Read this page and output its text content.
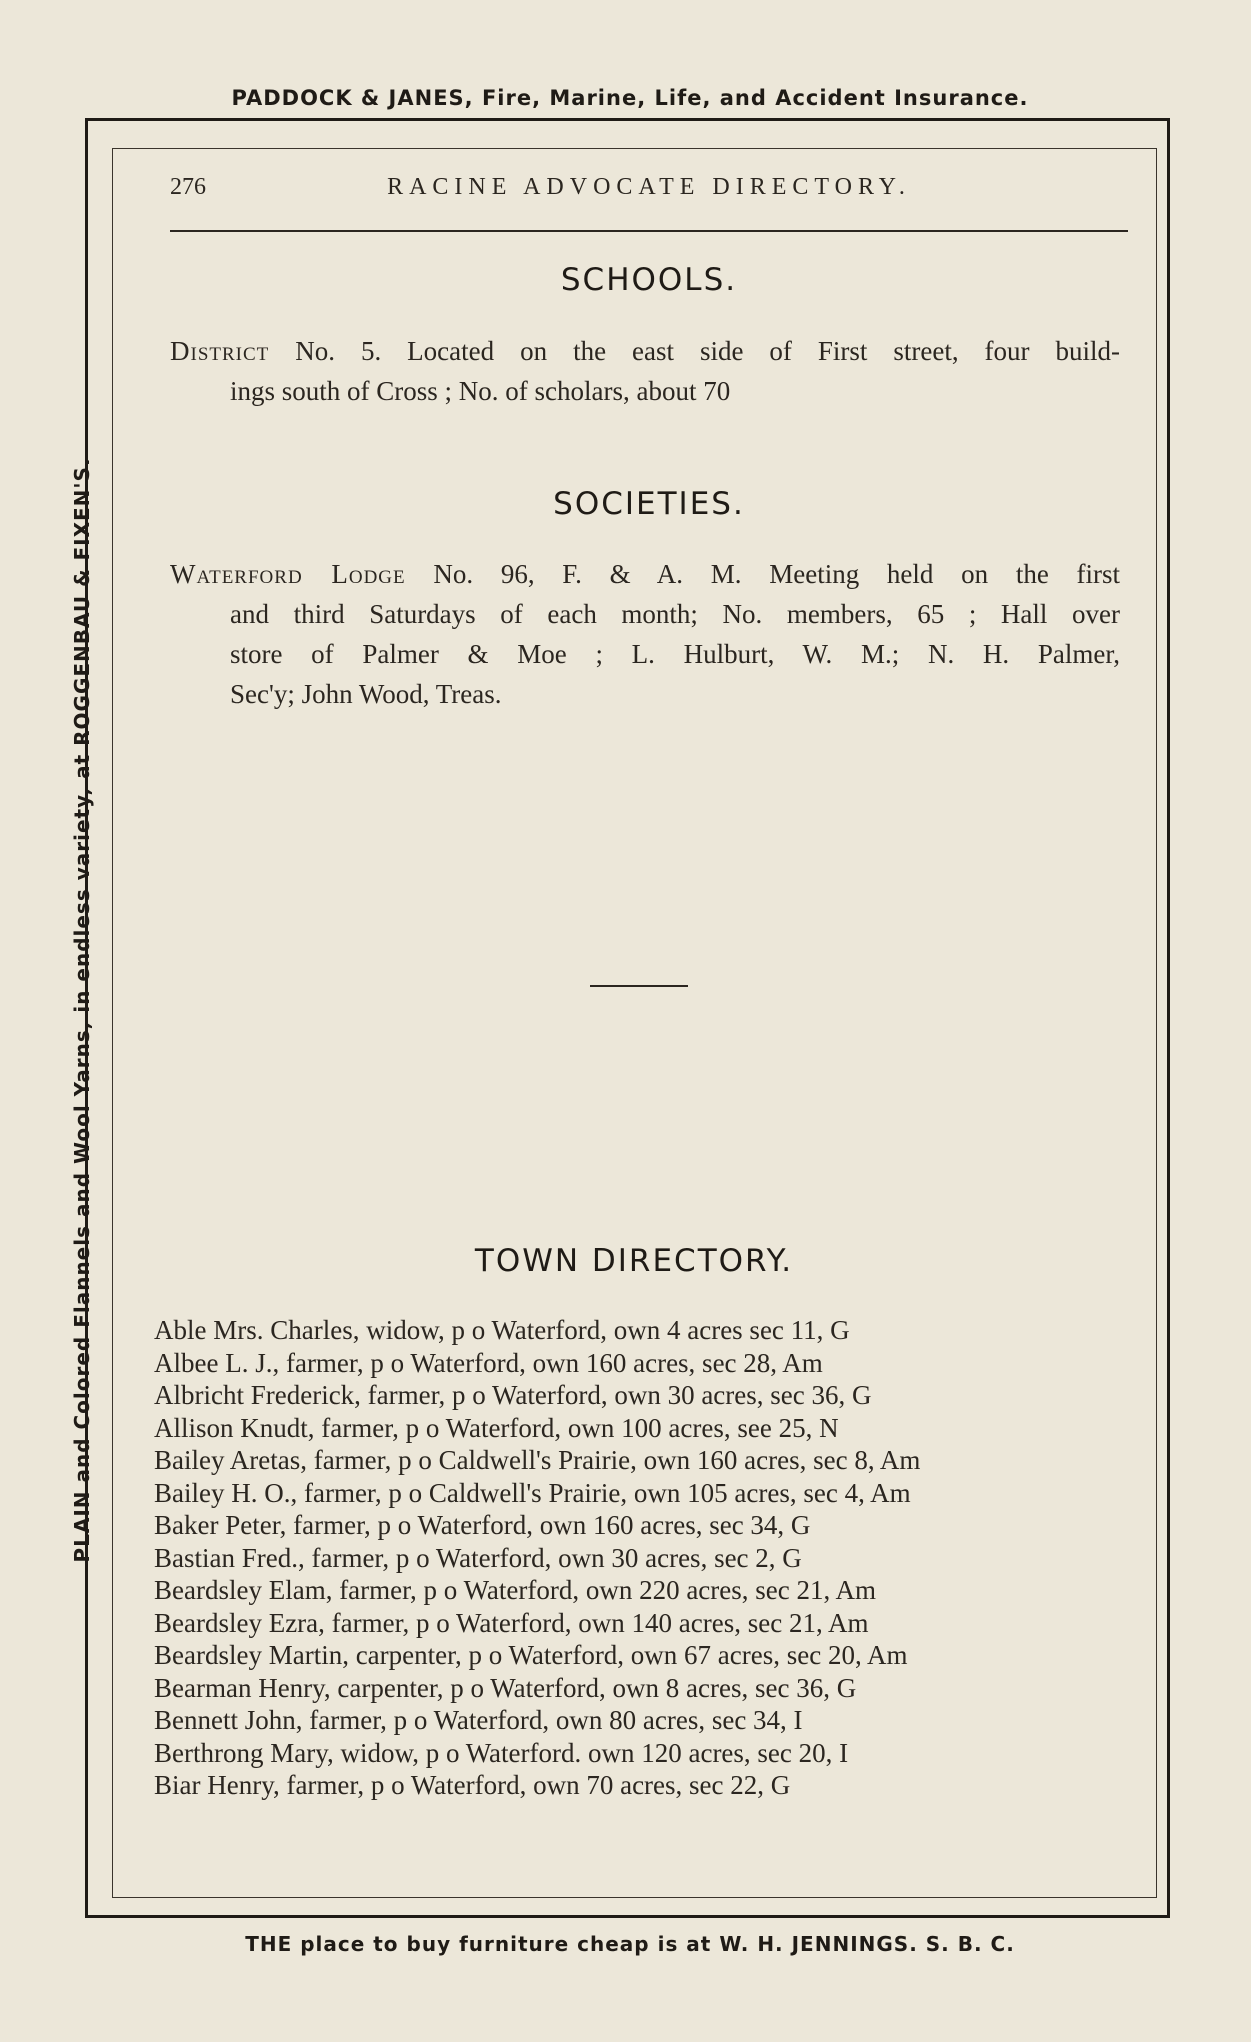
PADDOCK & JANES, Fire, Marine, Life, and Accident Insurance.
PLAIN and Colored Flannels and Wool Yarns, in endless variety, at ROGGENBAU & FIXEN'S.
276	RACINE ADVOCATE DIRECTORY.
SCHOOLS.
District No. 5. Located on the east side of First street, four build-
ings south of Cross ; No. of scholars, about 70
SOCIETIES.
Waterford Lodge No. 96, F. & A. M. Meeting held on the first
and third Saturdays of each month; No. members, 65 ; Hall over
store of Palmer & Moe ; L. Hulburt, W. M.; N. H. Palmer,
Sec'y; John Wood, Treas.
TOWN DIRECTORY.
Able Mrs. Charles, widow, p o Waterford, own 4 acres sec 11, G
Albee L. J., farmer, p o Waterford, own 160 acres, sec 28, Am
Albricht Frederick, farmer, p o Waterford, own 30 acres, sec 36, G
Allison Knudt, farmer, p o Waterford, own 100 acres, see 25, N
Bailey Aretas, farmer, p o Caldwell's Prairie, own 160 acres, sec 8, Am
Bailey H. O., farmer, p o Caldwell's Prairie, own 105 acres, sec 4, Am
Baker Peter, farmer, p o Waterford, own 160 acres, sec 34, G
Bastian Fred., farmer, p o Waterford, own 30 acres, sec 2, G
Beardsley Elam, farmer, p o Waterford, own 220 acres, sec 21, Am
Beardsley Ezra, farmer, p o Waterford, own 140 acres, sec 21, Am
Beardsley Martin, carpenter, p o Waterford, own 67 acres, sec 20, Am
Bearman Henry, carpenter, p o Waterford, own 8 acres, sec 36, G
Bennett John, farmer, p o Waterford, own 80 acres, sec 34, I
Berthrong Mary, widow, p o Waterford. own 120 acres, sec 20, I
Biar Henry, farmer, p o Waterford, own 70 acres, sec 22, G
THE place to buy furniture cheap is at W. H. JENNINGS. S. B. C.
